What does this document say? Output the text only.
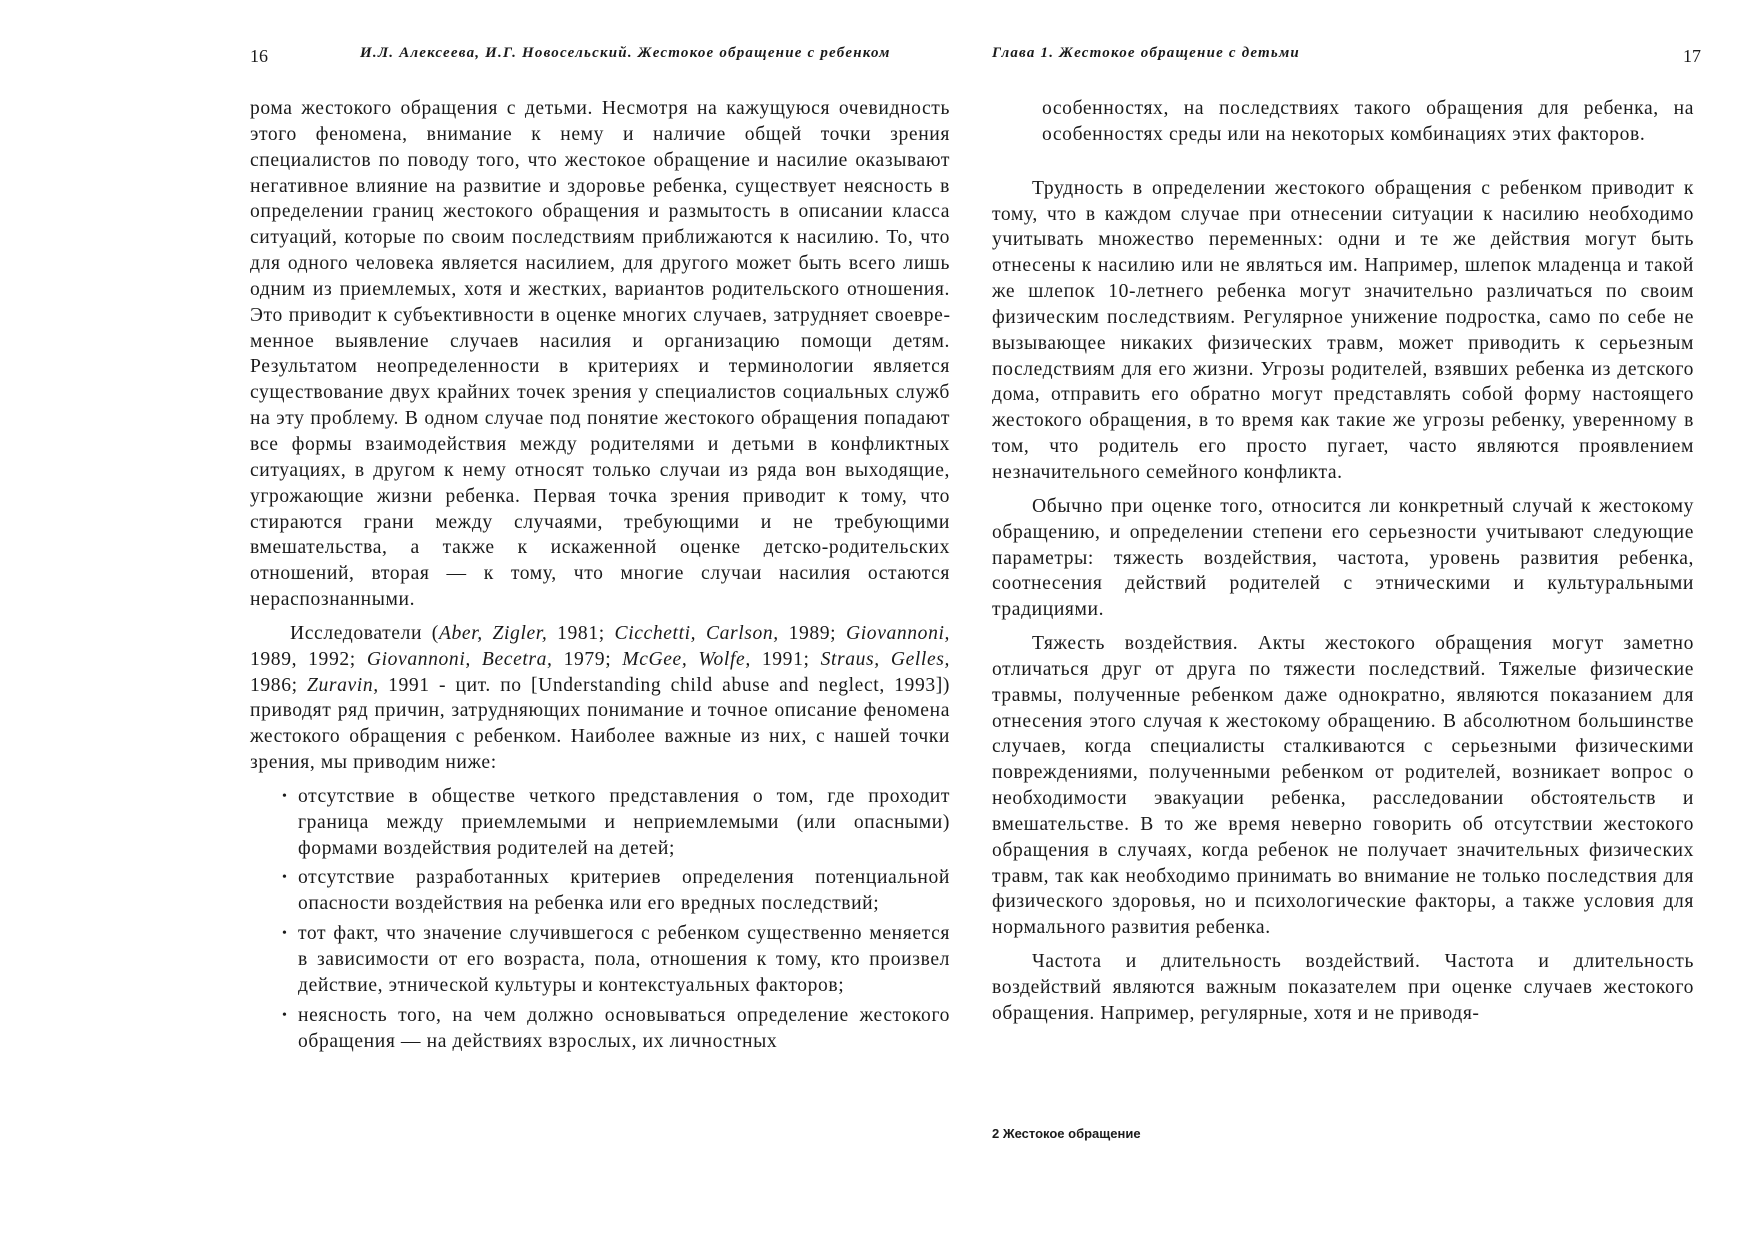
16	И.Л. Алексеева, И.Г. Новосельский. Жестокое обращение с ребенком

рома жестокого обращения с детьми. Несмотря на кажущуюся очевидность этого феномена, внимание к нему и наличие общей точки зрения специалистов по поводу того, что жестокое обращение и насилие оказывают негативное влияние на развитие и здоровье ребенка, существует неясность в определении границ жестокого обращения и размытость в описании класса ситуаций, которые по своим последствиям приближаются к насилию. То, что для одного человека является насилием, для другого может быть всего лишь одним из приемлемых, хотя и жестких, вариантов родительского отношения. Это приводит к субъективности в оценке многих случаев, затрудняет своевременное выявление случаев насилия и организацию помощи детям. Результатом неопределенности в критериях и терминологии является существование двух крайних точек зрения у специалистов социальных служб на эту проблему. В одном случае под понятие жестокого обращения попадают все формы взаимодействия между родителями и детьми в конфликтных ситуациях, в другом к нему относят только случаи из ряда вон выходящие, угрожающие жизни ребенка. Первая точка зрения приводит к тому, что стираются грани между случаями, требующими и не требующими вмешательства, а также к искаженной оценке детско-родительских отношений, вторая — к тому, что многие случаи насилия остаются нераспознанными.

Исследователи (Aber, Zigler, 1981; Cicchetti, Carlson, 1989; Giovannoni, 1989, 1992; Giovannoni, Becetra, 1979; McGee, Wolfe, 1991; Straus, Gelles, 1986; Zuravin, 1991 - цит. по [Understanding child abuse and neglect, 1993]) приводят ряд причин, затрудняющих понимание и точное описание феномена жестокого обращения с ребенком. Наиболее важные из них, с нашей точки зрения, мы приводим ниже:

• отсутствие в обществе четкого представления о том, где проходит граница между приемлемыми и неприемлемыми (или опасными) формами воздействия родителей на детей;
• отсутствие разработанных критериев определения потенциальной опасности воздействия на ребенка или его вредных последствий;
• тот факт, что значение случившегося с ребенком существенно меняется в зависимости от его возраста, пола, отношения к тому, кто произвел действие, этнической культуры и контекстуальных факторов;
• неясность того, на чем должно основываться определение жестокого обращения — на действиях взрослых, их личностных
Глава 1. Жестокое обращение с детьми	17
особенностях, на последствиях такого обращения для ребенка, на особенностях среды или на некоторых комбинациях этих факторов.

Трудность в определении жестокого обращения с ребенком приводит к тому, что в каждом случае при отнесении ситуации к насилию необходимо учитывать множество переменных: одни и те же действия могут быть отнесены к насилию или не являться им. Например, шлепок младенца и такой же шлепок 10-летнего ребенка могут значительно различаться по своим физическим последствиям. Регулярное унижение подростка, само по себе не вызывающее никаких физических травм, может приводить к серьезным последствиям для его жизни. Угрозы родителей, взявших ребенка из детского дома, отправить его обратно могут представлять собой форму настоящего жестокого обращения, в то время как такие же угрозы ребенку, уверенному в том, что родитель его просто пугает, часто являются проявлением незначительного семейного конфликта.

Обычно при оценке того, относится ли конкретный случай к жестокому обращению, и определении степени его серьезности учитывают следующие параметры: тяжесть воздействия, частота, уровень развития ребенка, соотнесения действий родителей с этническими и культуральными традициями.

Тяжесть воздействия. Акты жестокого обращения могут заметно отличаться друг от друга по тяжести последствий. Тяжелые физические травмы, полученные ребенком даже однократно, являются показанием для отнесения этого случая к жестокому обращению. В абсолютном большинстве случаев, когда специалисты сталкиваются с серьезными физическими повреждениями, полученными ребенком от родителей, возникает вопрос о необходимости эвакуации ребенка, расследовании обстоятельств и вмешательстве. В то же время неверно говорить об отсутствии жестокого обращения в случаях, когда ребенок не получает значительных физических травм, так как необходимо принимать во внимание не только последствия для физического здоровья, но и психологические факторы, а также условия для нормального развития ребенка.

Частота и длительность воздействий. Частота и длительность воздействий являются важным показателем при оценке случаев жестокого обращения. Например, регулярные, хотя и не приводя-

2 Жестокое обращение
